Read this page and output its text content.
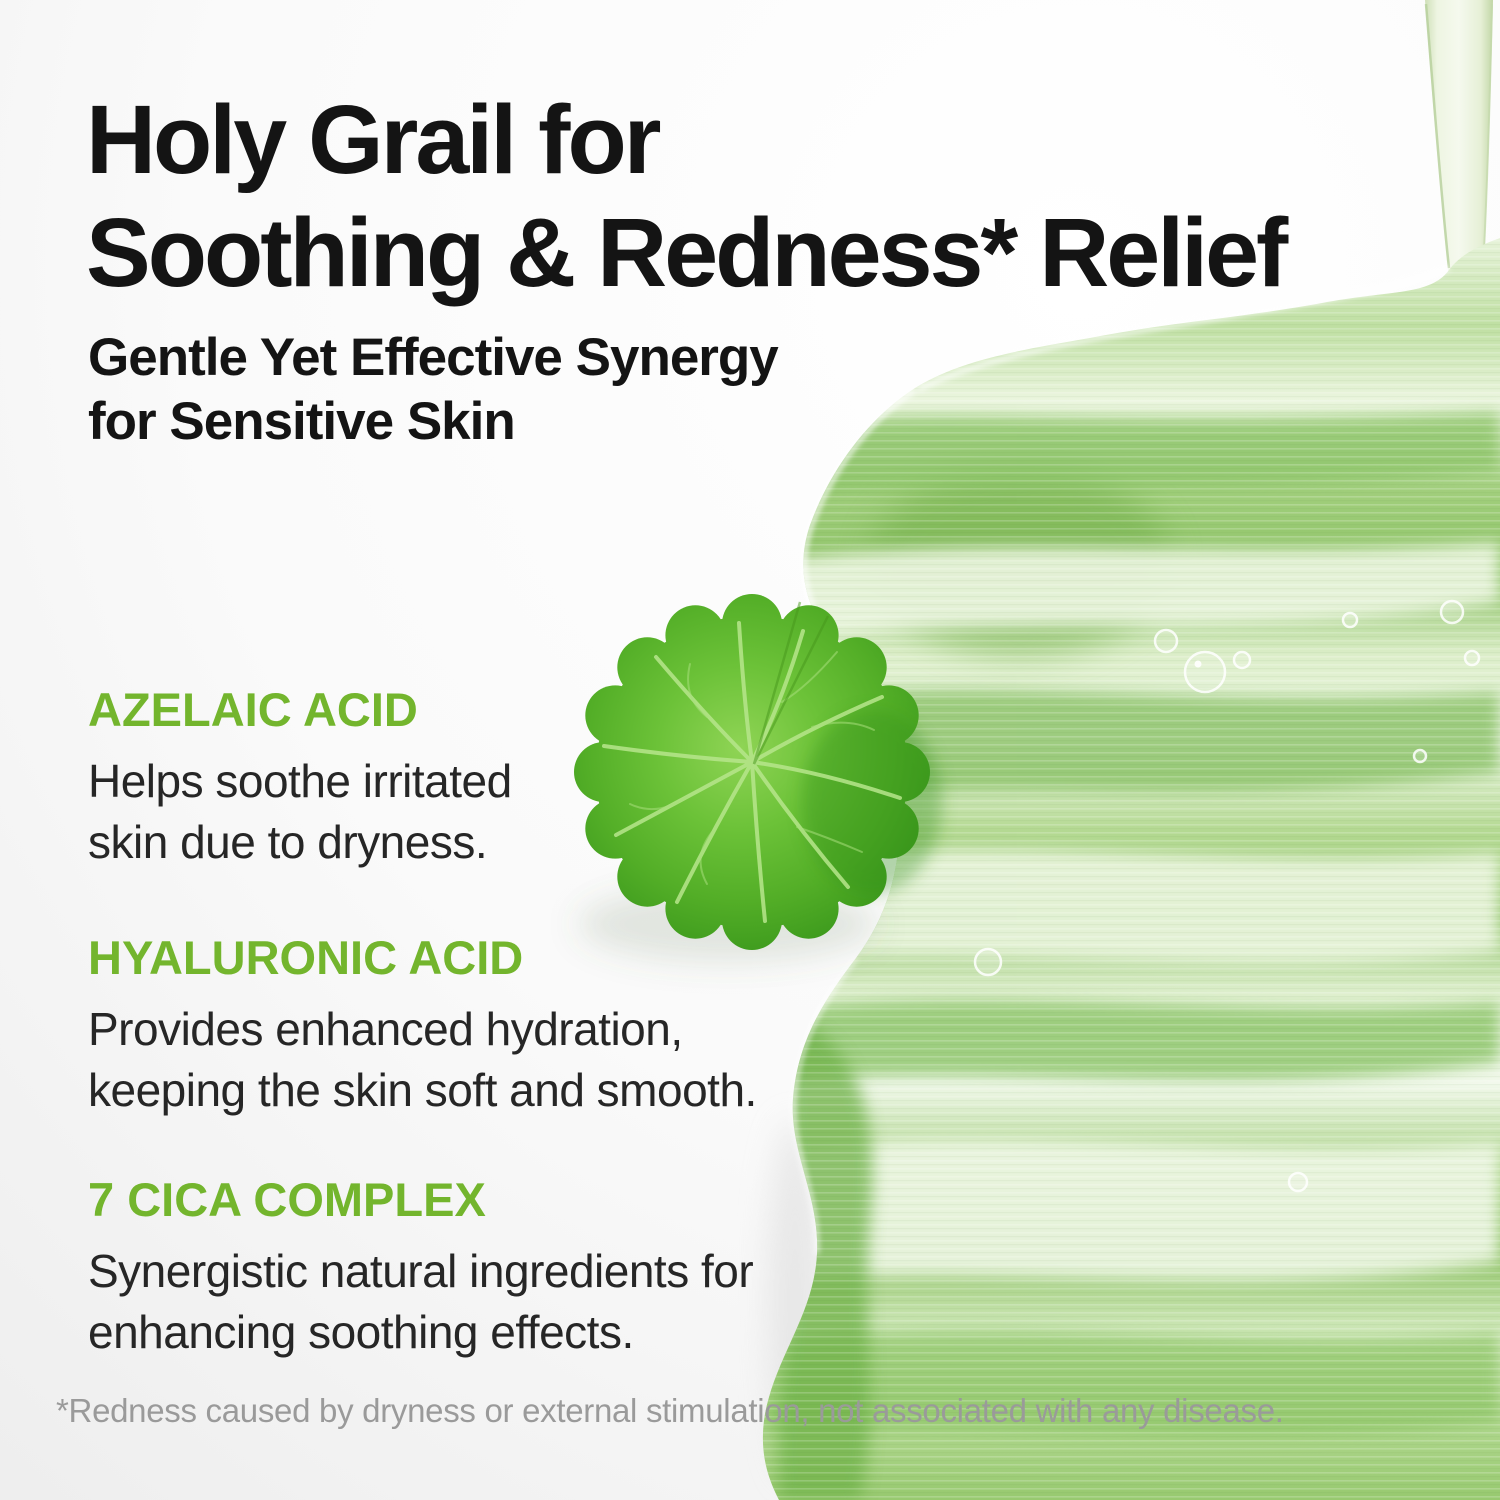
Holy Grail for
Soothing & Redness* Relief
Gentle Yet Effective Synergy
for Sensitive Skin
AZELAIC ACID

Helps soothe irritated
skin due to dryness.

HYALURONIC ACID

Provides enhanced hydration,
keeping the skin soft and smooth.

7 CICA COMPLEX

Synergistic natural ingredients for
enhancing soothing effects.

*Redness caused by dryness or external stimulation, not associated with any disease.
